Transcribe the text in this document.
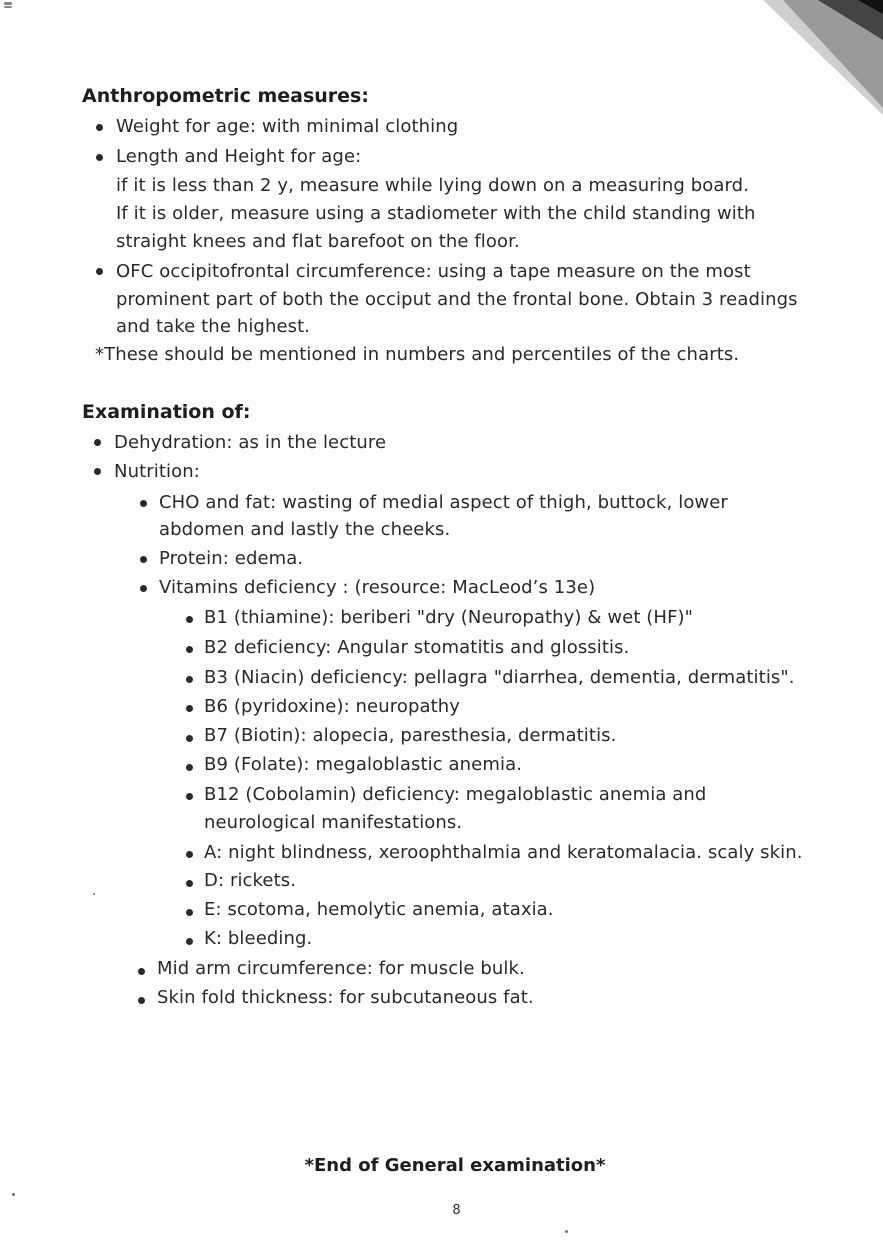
Anthropometric measures:
Weight for age: with minimal clothing
Length and Height for age:
if it is less than 2 y, measure while lying down on a measuring board.
If it is older, measure using a stadiometer with the child standing with
straight knees and flat barefoot on the floor.
OFC occipitofrontal circumference: using a tape measure on the most
prominent part of both the occiput and the frontal bone. Obtain 3 readings
and take the highest.
*These should be mentioned in numbers and percentiles of the charts.
Examination of:
Dehydration: as in the lecture
Nutrition:
CHO and fat: wasting of medial aspect of thigh, buttock, lower
abdomen and lastly the cheeks.
Protein: edema.
Vitamins deficiency : (resource: MacLeod’s 13e)
B1 (thiamine): beriberi "dry (Neuropathy) & wet (HF)"
B2 deficiency: Angular stomatitis and glossitis.
B3 (Niacin) deficiency: pellagra "diarrhea, dementia, dermatitis".
B6 (pyridoxine): neuropathy
B7 (Biotin): alopecia, paresthesia, dermatitis.
B9 (Folate): megaloblastic anemia.
B12 (Cobolamin) deficiency: megaloblastic anemia and
neurological manifestations.
A: night blindness, xeroophthalmia and keratomalacia. scaly skin.
D: rickets.
E: scotoma, hemolytic anemia, ataxia.
K: bleeding.
Mid arm circumference: for muscle bulk.
Skin fold thickness: for subcutaneous fat.
*End of General examination*
8
